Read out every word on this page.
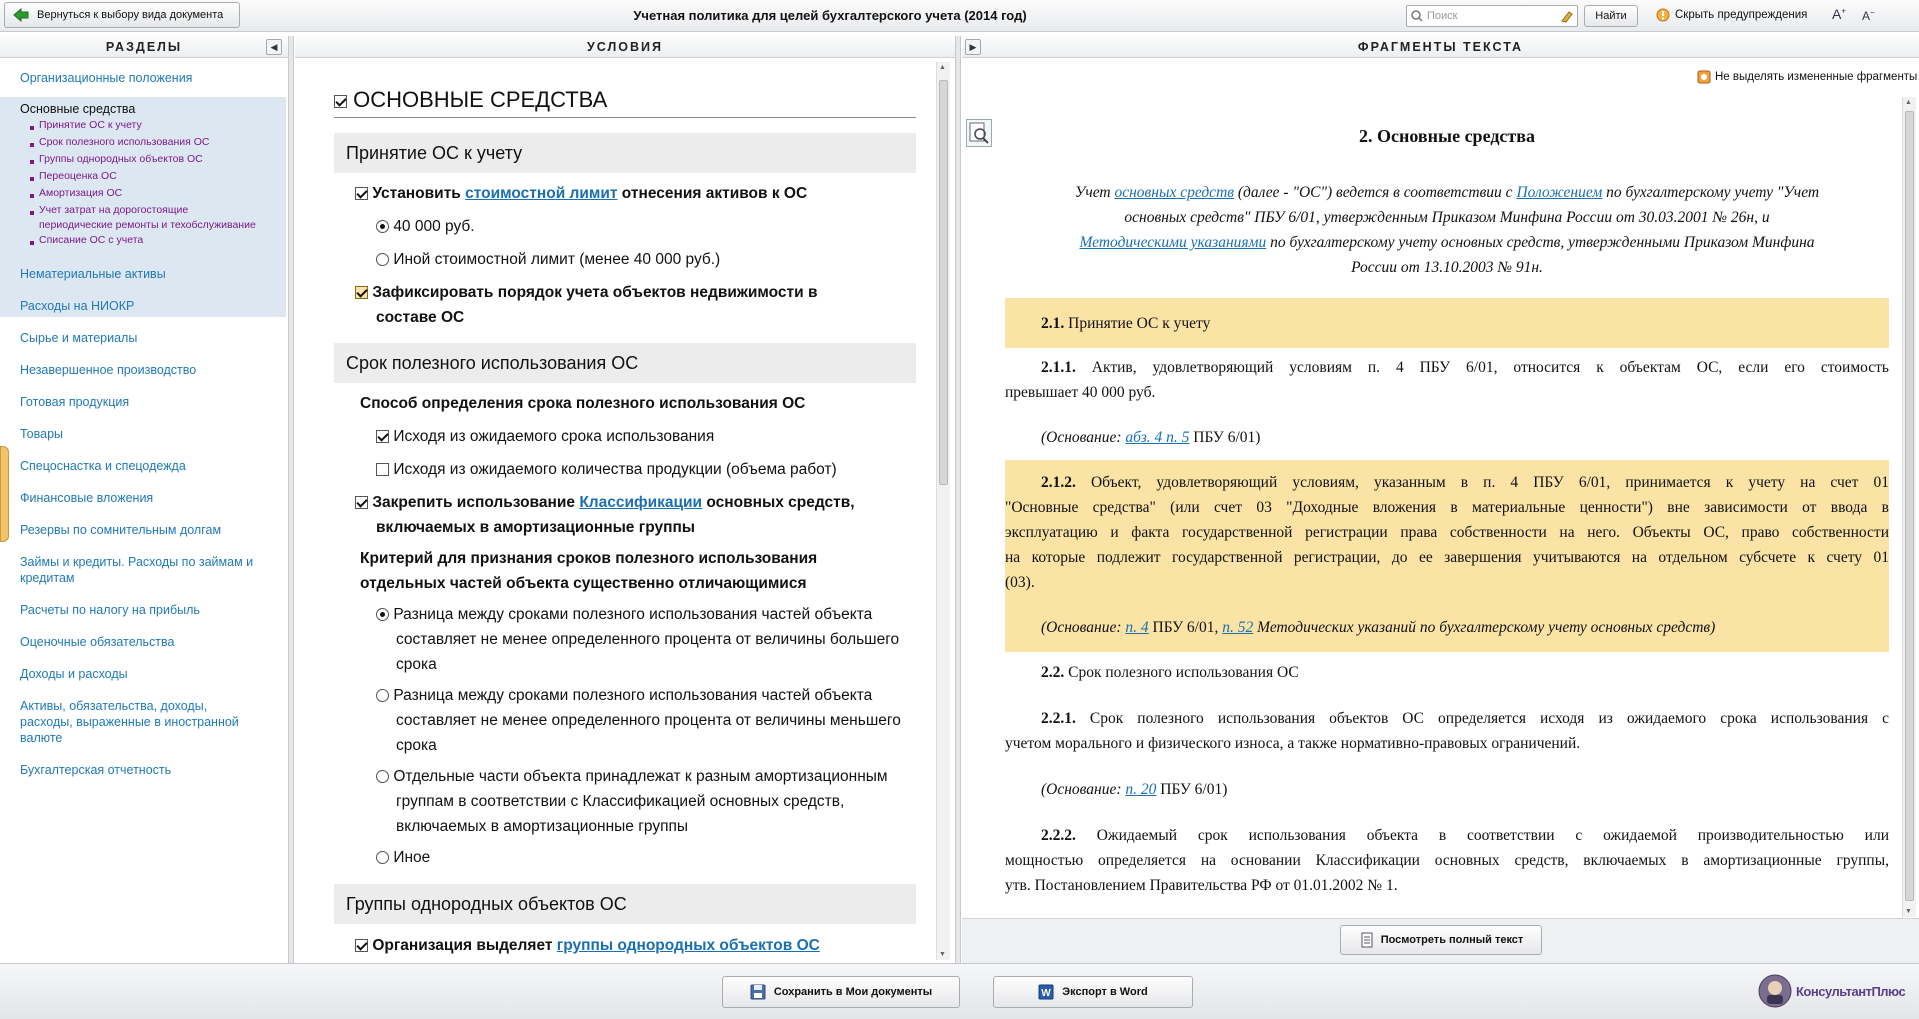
Вернуться к выбору вида документа	Учетная политика для целей бухгалтерского учета (2014 год)	Поиск	Найти	Скрыть предупреждения A+ A−
РАЗДЕЛЫ	◀	УСЛОВИЯ	ФРАГМЕНТЫ ТЕКСТА
▶
Организационные положения
Основные средства
Принятие ОС к учету
Срок полезного использования ОС
Группы однородных объектов ОС
Переоценка ОС
Амортизация ОС
Учет затрат на дорогостоящие
периодические ремонты и техобслуживание
Списание ОС с учета
Нематериальные активы
Расходы на НИОКР
Сырье и материалы
Незавершенное производство
Готовая продукция
Товары
Спецоснастка и спецодежда
Финансовые вложения
Резервы по сомнительным долгам
Займы и кредиты. Расходы по займам и
кредитам
Расчеты по налогу на прибыль
Оценочные обязательства
Доходы и расходы
Активы, обязательства, доходы,
расходы, выраженные в иностранной
валюте
Бухгалтерская отчетность
ОСНОВНЫЕ СРЕДСТВА
Принятие ОС к учету
Установить стоимостной лимит отнесения активов к ОС
40 000 руб.
Иной стоимостной лимит (менее 40 000 руб.)
Зафиксировать порядок учета объектов недвижимости в
составе ОС
Срок полезного использования ОС
Способ определения срока полезного использования ОС
Исходя из ожидаемого срока использования
Исходя из ожидаемого количества продукции (объема работ)
Закрепить использование Классификации основных средств,
включаемых в амортизационные группы
Критерий для признания сроков полезного использования
отдельных частей объекта существенно отличающимися
Разница между сроками полезного использования частей объекта
составляет не менее определенного процента от величины большего
срока
Разница между сроками полезного использования частей объекта
составляет не менее определенного процента от величины меньшего
срока
Отдельные части объекта принадлежат к разным амортизационным
группам в соответствии с Классификацией основных средств,
включаемых в амортизационные группы
Иное
Группы однородных объектов ОС
Организация выделяет группы однородных объектов ОС
▲
▼
Не выделять измененные фрагменты
2. Основные средства
Учет основных средств (далее - "ОС") ведется в соответствии с Положением по бухгалтерскому учету "Учет
основных средств" ПБУ 6/01, утвержденным Приказом Минфина России от 30.03.2001 № 26н, и
Методическими указаниями по бухгалтерскому учету основных средств, утвержденными Приказом Минфина
России от 13.10.2003 № 91н.
2.1. Принятие ОС к учету
2.1.1. Актив, удовлетворяющий условиям п. 4 ПБУ 6/01, относится к объектам ОС, если его стоимость
превышает 40 000 руб.
(Основание: абз. 4 п. 5 ПБУ 6/01)
2.1.2. Объект, удовлетворяющий условиям, указанным в п. 4 ПБУ 6/01, принимается к учету на счет 01
"Основные средства" (или счет 03 "Доходные вложения в материальные ценности") вне зависимости от ввода в
эксплуатацию и факта государственной регистрации права собственности на него. Объекты ОС, право собственности
на которые подлежит государственной регистрации, до ее завершения учитываются на отдельном субсчете к счету 01
(03).
(Основание: п. 4 ПБУ 6/01, п. 52 Методических указаний по бухгалтерскому учету основных средств)
2.2. Срок полезного использования ОС
2.2.1. Срок полезного использования объектов ОС определяется исходя из ожидаемого срока использования с
учетом морального и физического износа, а также нормативно-правовых ограничений.
(Основание: п. 20 ПБУ 6/01)
2.2.2. Ожидаемый срок использования объекта в соответствии с ожидаемой производительностью или
мощностью определяется на основании Классификации основных средств, включаемых в амортизационные группы,
утв. Постановлением Правительства РФ от 01.01.2002 № 1.
▲
▼
Посмотреть полный текст
Сохранить в Мои документы	W Экспорт в Word	КонсультантПлюс
